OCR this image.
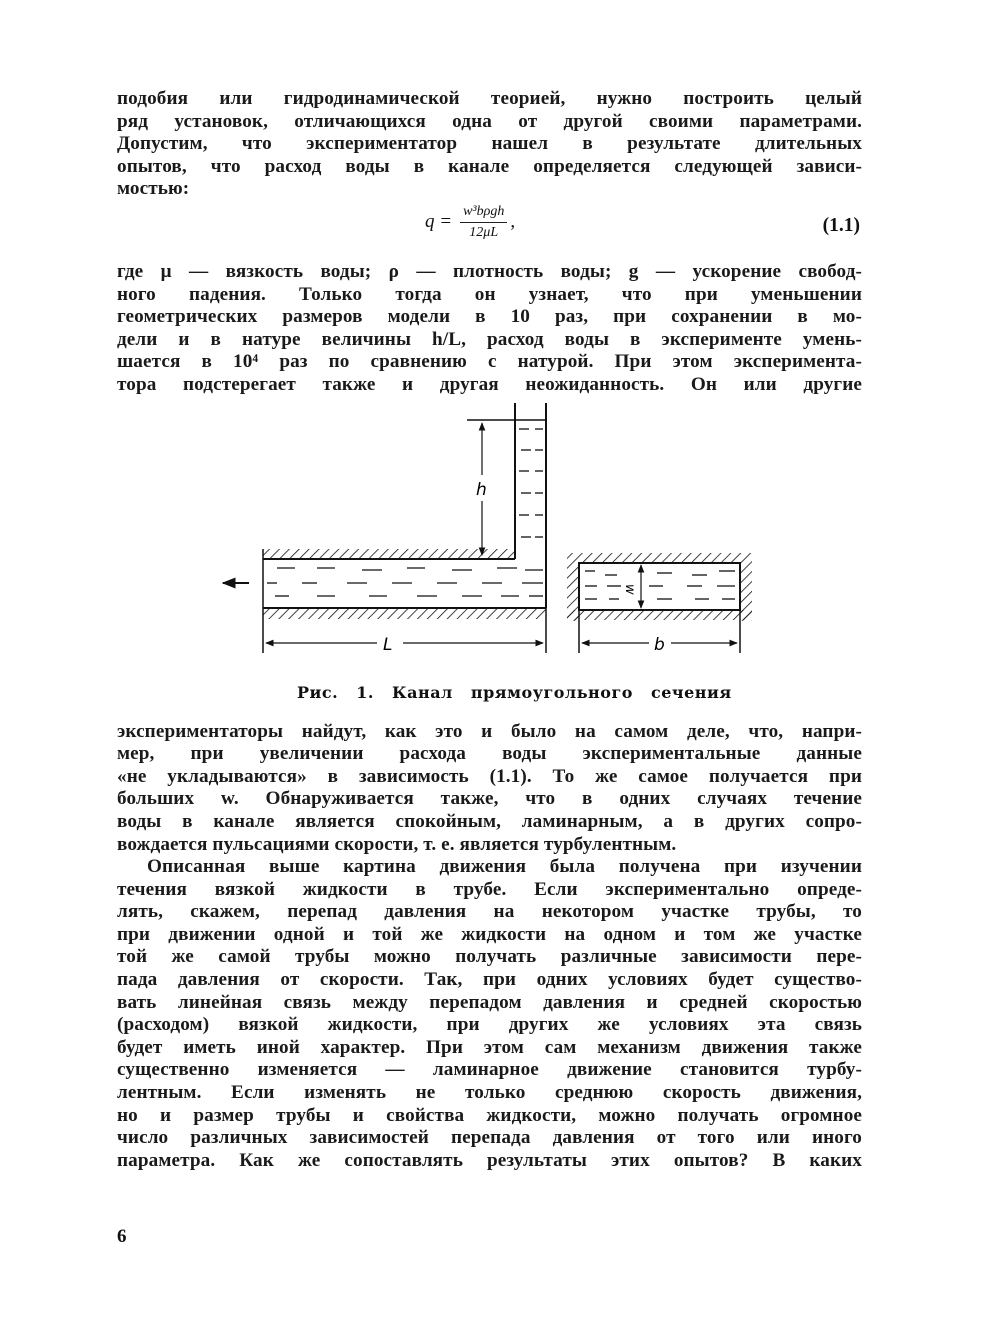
подобия или гидродинамической теорией, нужно построить целый
ряд установок, отличающихся одна от другой своими параметрами.
Допустим, что экспериментатор нашел в результате длительных
опытов, что расход воды в канале определяется следующей зависи-
мостью:

$q = \frac{\text{w³bρgh}}{12\mu L}$ ,	(1.1)

где μ — вязкость воды; ρ — плотность воды; g — ускорение свобод-
ного падения. Только тогда он узнает, что при уменьшении
геометрических размеров модели в 10 раз, при сохранении в мо-
дели и в натуре величины h/L, расход воды в эксперименте умень-
шается в 10⁴ раз по сравнению с натурой. При этом эксперимента-
тора подстерегает также и другая неожиданность. Он или другие

h
L
w
b
Рис. 1. Канал прямоугольного сечения

экспериментаторы найдут, как это и было на самом деле, что, напри-
мер, при увеличении расхода воды экспериментальные данные
«не укладываются» в зависимость (1.1). То же самое получается при
больших w. Обнаруживается также, что в одних случаях течение
воды в канале является спокойным, ламинарным, а в других сопро-
вождается пульсациями скорости, т. е. является турбулентным.

Описанная выше картина движения была получена при изучении
течения вязкой жидкости в трубе. Если экспериментально опреде-
лять, скажем, перепад давления на некотором участке трубы, то
при движении одной и той же жидкости на одном и том же участке
той же самой трубы можно получать различные зависимости пере-
пада давления от скорости. Так, при одних условиях будет существо-
вать линейная связь между перепадом давления и средней скоростью
(расходом) вязкой жидкости, при других же условиях эта связь
будет иметь иной характер. При этом сам механизм движения также
существенно изменяется — ламинарное движение становится турбу-
лентным. Если изменять не только среднюю скорость движения,
но и размер трубы и свойства жидкости, можно получать огромное
число различных зависимостей перепада давления от того или иного
параметра. Как же сопоставлять результаты этих опытов? В каких

6
